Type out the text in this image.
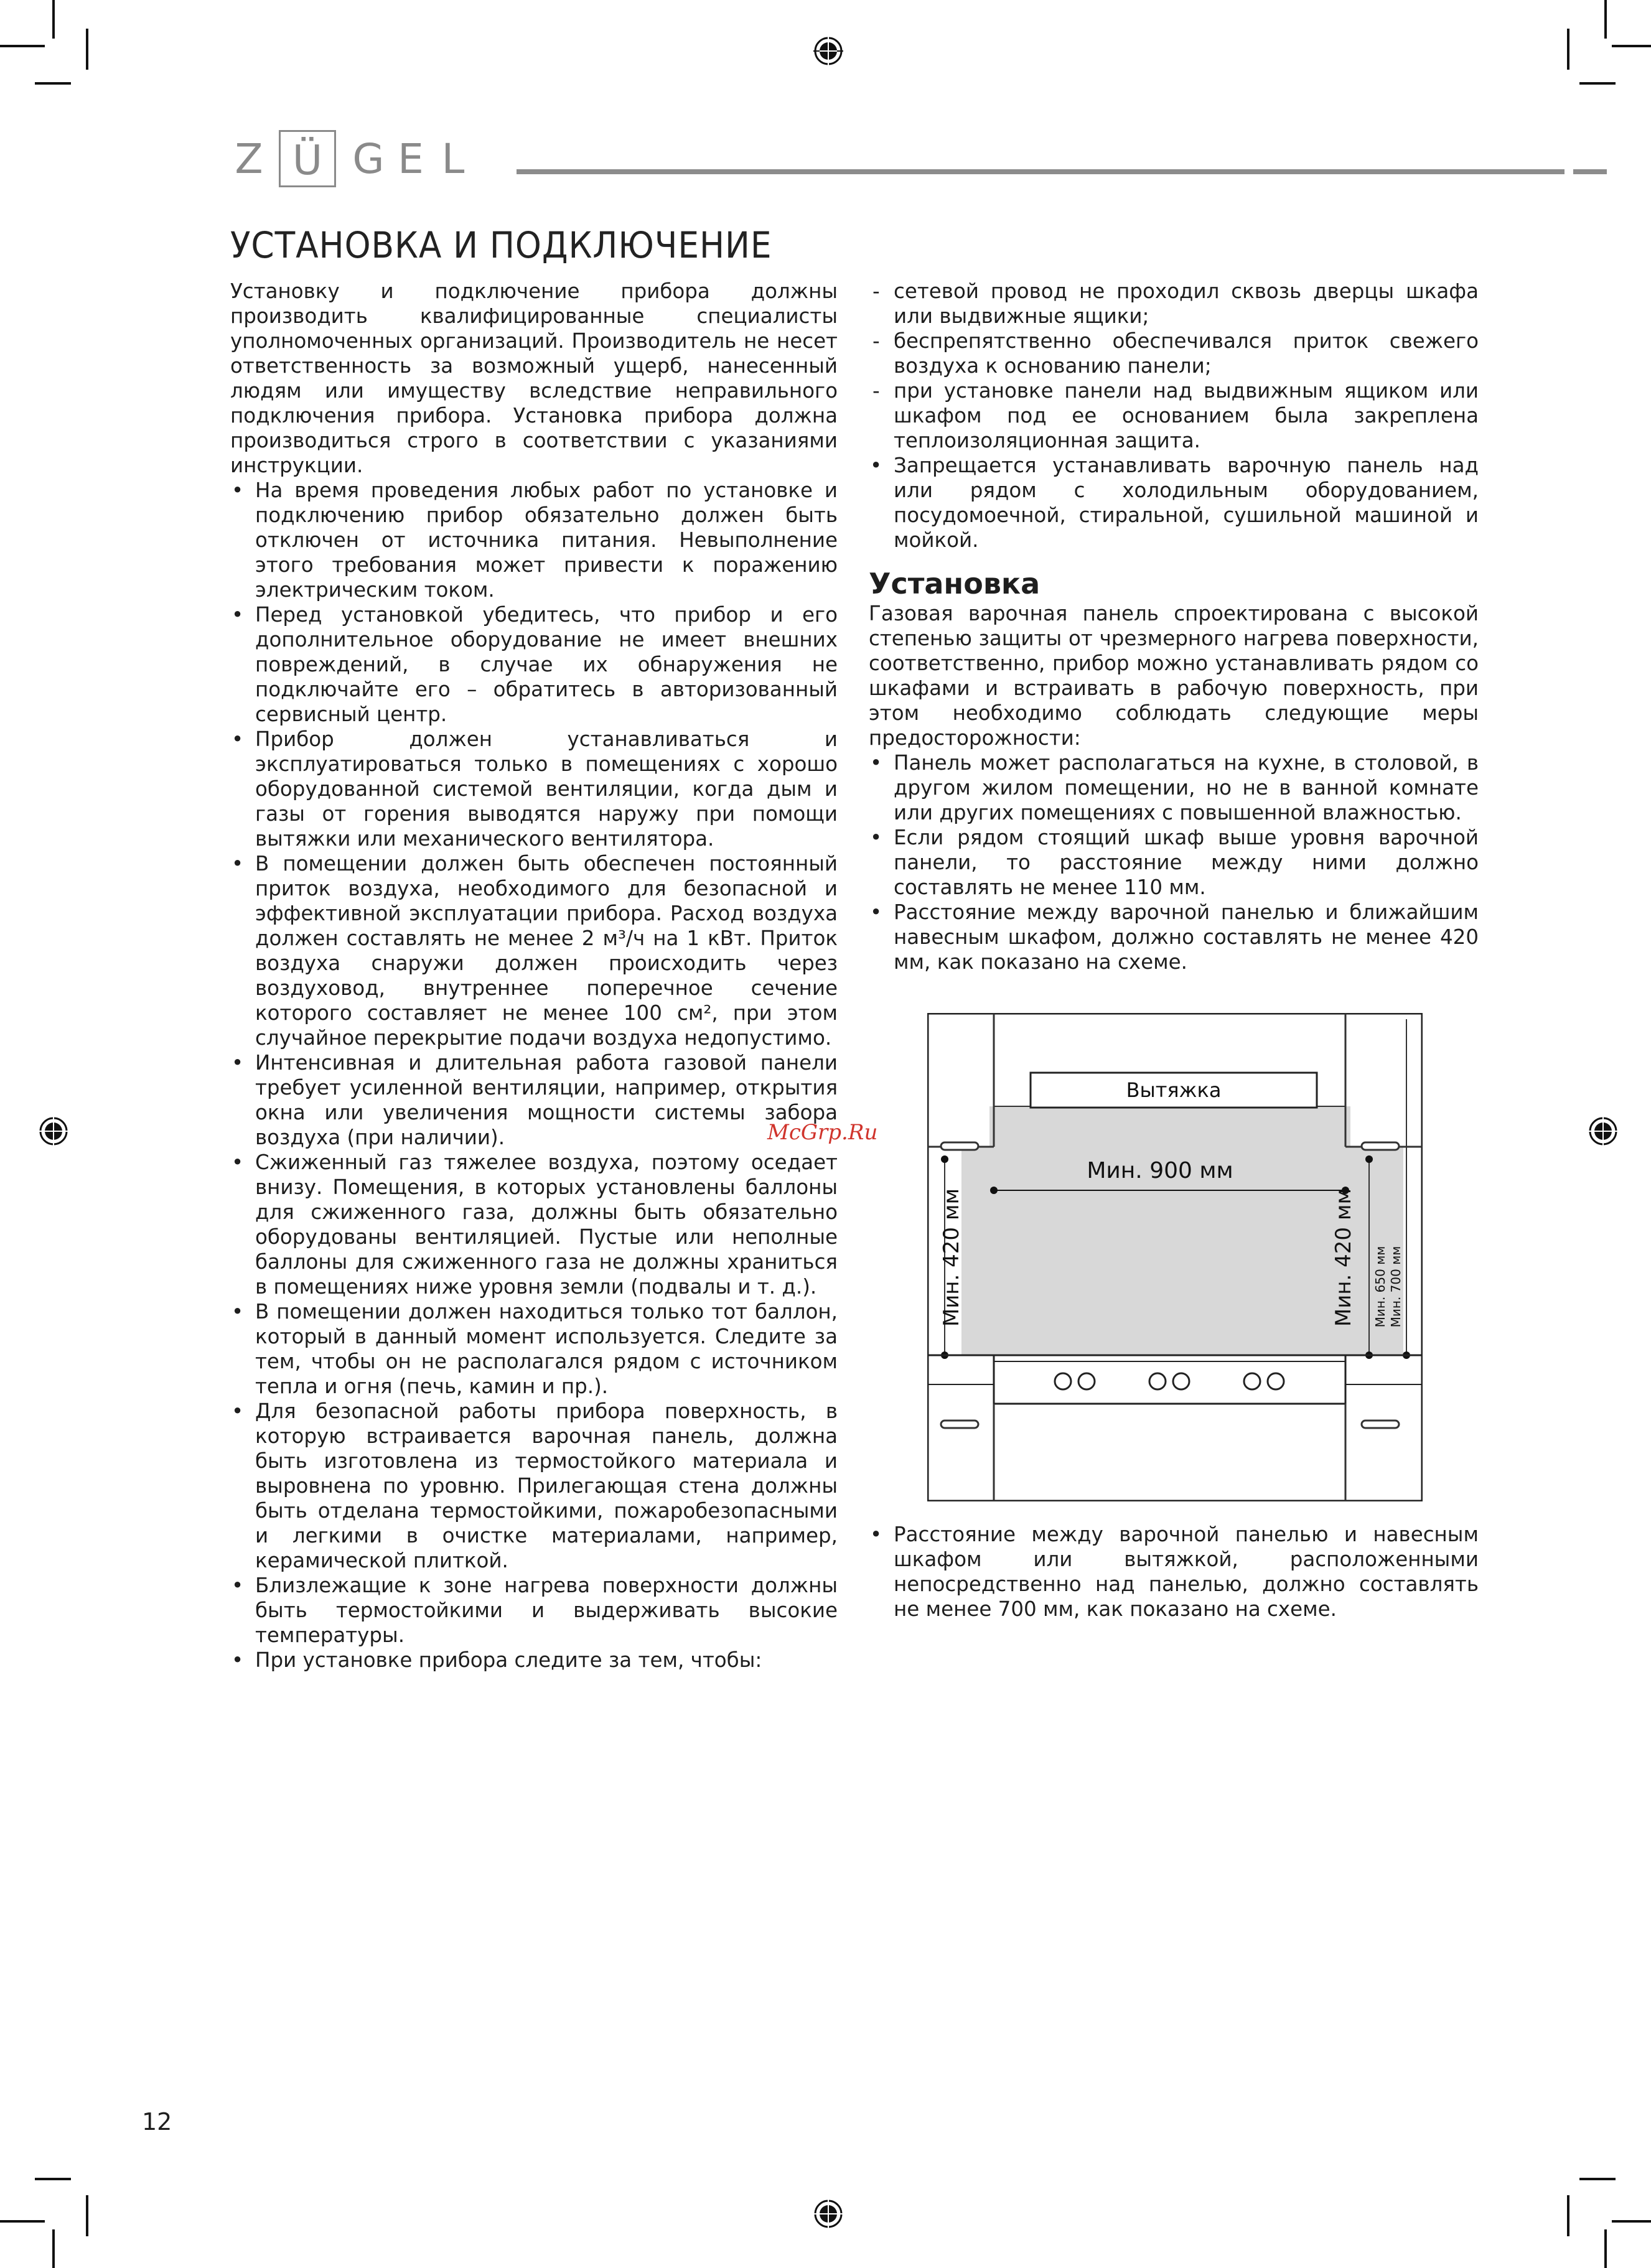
Z Ü G E L
УСТАНОВКА И ПОДКЛЮЧЕНИЕ

Установку и подключение прибора должны производить квалифицированные специалисты уполномоченных организаций. Производитель не несет ответственность за возможный ущерб, нанесенный людям или имуществу вследствие неправильного подключения прибора. Установка прибора должна производиться строго в соответствии с указаниями инструкции.

• На время проведения любых работ по установке и подключению прибор обязательно должен быть отключен от источника питания. Невыполнение этого требования может привести к поражению электрическим током.
• Перед установкой убедитесь, что прибор и его дополнительное оборудование не имеет внешних повреждений, в случае их обнаружения не подключайте его – обратитесь в авторизованный сервисный центр.
• Прибор должен устанавливаться и эксплуатироваться только в помещениях с хорошо оборудованной системой вентиляции, когда дым и газы от горения выводятся наружу при помощи вытяжки или механического вентилятора.
• В помещении должен быть обеспечен постоянный приток воздуха, необходимого для безопасной и эффективной эксплуатации прибора. Расход воздуха должен составлять не менее 2 м³/ч на 1 кВт. Приток воздуха снаружи должен происходить через воздуховод, внутреннее поперечное сечение которого составляет не менее 100 см², при этом случайное перекрытие подачи воздуха недопустимо.
• Интенсивная и длительная работа газовой панели требует усиленной вентиляции, например, открытия окна или увеличения мощности системы забора воздуха (при наличии).
• Сжиженный газ тяжелее воздуха, поэтому оседает внизу. Помещения, в которых установлены баллоны для сжиженного газа, должны быть обязательно оборудованы вентиляцией. Пустые или неполные баллоны для сжиженного газа не должны храниться в помещениях ниже уровня земли (подвалы и т. д.).
• В помещении должен находиться только тот баллон, который в данный момент используется. Следите за тем, чтобы он не располагался рядом с источником тепла и огня (печь, камин и пр.).
• Для безопасной работы прибора поверхность, в которую встраивается варочная панель, должна быть изготовлена из термостойкого материала и выровнена по уровню. Прилегающая стена должны быть отделана термостойкими, пожаробезопасными и легкими в очистке материалами, например, керамической плиткой.
• Близлежащие к зоне нагрева поверхности должны быть термостойкими и выдерживать высокие температуры.
• При установке прибора следите за тем, чтобы:
- сетевой провод не проходил сквозь дверцы шкафа или выдвижные ящики;
- беспрепятственно обеспечивался приток свежего воздуха к основанию панели;
- при установке панели над выдвижным ящиком или шкафом под ее основанием была закреплена теплоизоляционная защита.
• Запрещается устанавливать варочную панель над или рядом с холодильным оборудованием, посудомоечной, стиральной, сушильной машиной и мойкой.
Установка

Газовая варочная панель спроектирована с высокой степенью защиты от чрезмерного нагрева поверхности, соответственно, прибор можно устанавливать рядом со шкафами и встраивать в рабочую поверхность, при этом необходимо соблюдать следующие меры предосторожности:

• Панель может располагаться на кухне, в столовой, в другом жилом помещении, но не в ванной комнате или других помещениях с повышенной влажностью.
• Если рядом стоящий шкаф выше уровня варочной панели, то расстояние между ними должно составлять не менее 110 мм.
• Расстояние между варочной панелью и ближайшим навесным шкафом, должно составлять не менее 420 мм, как показано на схеме.
Вытяжка
Мин. 900 мм
Мин. 420 мм	Мин. 420 мм Мин. 650 мм Мин. 700 мм
• Расстояние между варочной панелью и навесным шкафом или вытяжкой, расположенными непосредственно над панелью, должно составлять не менее 700 мм, как показано на схеме.
McGrp.Ru
12
